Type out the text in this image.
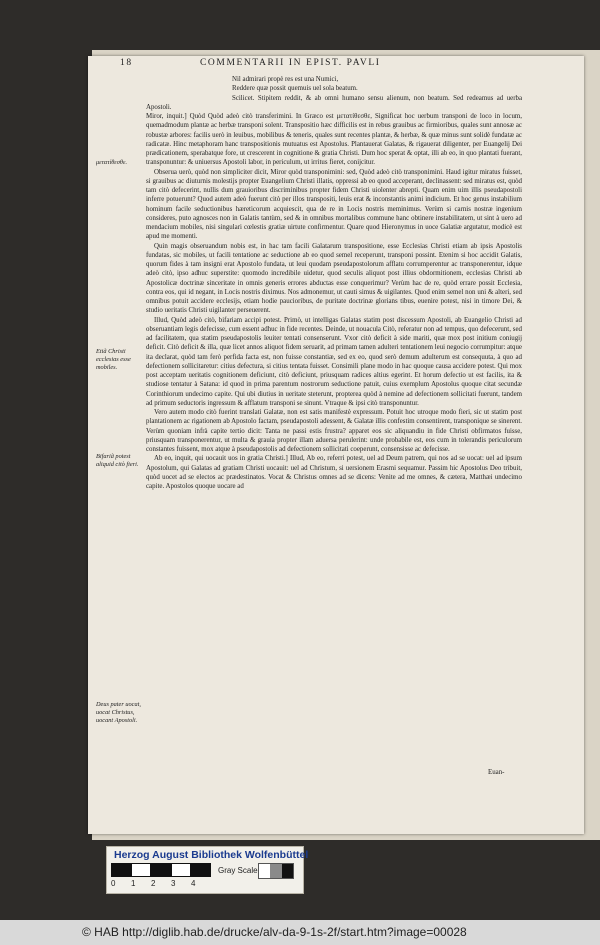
18	COMMENTARII IN EPIST. PAVLI
μετατίθεσθε.
Etiã Christi ecclesias esse mobiles.
Bifariã potest aliquid citò fieri.
Deus pater uocat, uocat Christus, uocant Apostoli.

Nil admirari propè res est una Numici,

Reddere quæ possit quemuis uel sola beatum.

Scilicet. Stipitem reddit, & ab omni humano sensu alienum, non beatum. Sed redeamus ad uerba Apostoli.

Miror, inquit.] Quòd Quòd adeò citò transferimini. In Græco est μετατίθεσθε, Significat hoc uerbum transponi de loco in locum, quemadmodum plantæ ac herbæ transponi solent. Transpositio hæc difficilis est in rebus grauibus ac firmioribus, quales sunt annosæ ac robustæ arbores: facilis uerò in leuibus, mobilibus & teneris, quales sunt recentes plantæ, & herbæ, & quæ minus sunt solidè fundatæ ac radicatæ. Hinc metaphoram hanc transpositionis mutuatus est Apostolus. Plantauerat Galatas, & rigauerat diligenter, per Euangelij Dei prædicationem, sperabatque fore, ut crescerent in cognitione & gratia Christi. Dum hoc sperat & optat, illi ab eo, in quo plantati fuerant, transponuntur: & uniuersus Apostoli labor, in periculum, ut irritus fieret, conijcitur.

Obserua uerò, quòd non simpliciter dicit, Miror quòd transponimini: sed, Quòd adeò citò transponimini. Haud igitur miratus fuisset, si grauibus ac diuturnis molestijs propter Euangelium Christi illatis, oppressi ab eo quod acceperant, declinassent: sed miratus est, quòd tam citò defecerint, nullis dum grauioribus discriminibus propter fidem Christi uiolenter abrepti. Quam enim uim illis pseudapostoli inferre potuerunt? Quod autem adeò fuerunt citò per illos transpositi, leuis erat & inconstantis animi indicium. Et hoc genus instabilium hominum facile seductionibus hæreticorum acquiescit, qua de re in Locis nostris meminimus. Verùm si carnis nostræ ingenium consideres, puto agnosces non in Galatis tantùm, sed & in omnibus mortalibus commune hanc obtinere instabilitatem, ut sint à uero ad mendacium mobiles, nisi singulari cœlestis gratiæ uirtute confirmentur. Quare quod Hieronymus in uoce Galatiæ argutatur, modicè est apud me momenti.

Quin magis obseruandum nobis est, in hac tam facili Galatarum transpositione, esse Ecclesias Christi etiam ab ipsis Apostolis fundatas, sic mobiles, ut facili tentatione ac seductione ab eo quod semel receperunt, transponi possint. Etenim si hoc accidit Galatis, quorum fides à tam insigni erat Apostolo fundata, ut leui quodam pseudapostolorum afflatu corrumperentur ac transponerentur, idque adeò citò, ipso adhuc superstite: quomodo incredibile uidetur, quod seculis aliquot post illius obdormitionem, ecclesias Christi ab Apostolicæ doctrinæ sinceritate in omnis generis errores abductas esse conquerimur? Verùm hac de re, quòd errare possit Ecclesia, contra eos, qui id negant, in Locis nostris diximus. Nos admonemur, ut cauti simus & uigilantes. Quod enim semel non uni & alteri, sed omnibus potuit accidere ecclesijs, etiam hodie paucioribus, de puritate doctrinæ glorians tibus, euenire potest, nisi in timore Dei, & studio ueritatis Christi uigilanter perseuerent.

Illud, Quòd adeò citò, bifariam accipi potest. Primò, ut intelligas Galatas statim post discessum Apostoli, ab Euangelio Christi ad obseruantiam legis defecisse, cum essent adhuc in fide recentes. Deinde, ut nouacula Citò, referatur non ad tempus, quo defecerunt, sed ad facilitatem, qua statim pseudapostolis leuiter tentati consenserunt. Vxor citò deficit à side mariti, quæ mox post initium coniugij deficit. Citò deficit & illa, quæ licet annos aliquot fidem seruarit, ad primam tamen adulteri tentationem leui negocio corrumpitur: atque ita declarat, quòd tam ferò perfida facta est, non fuisse constantiæ, sed ex eo, quod serò demum adulterum est consequuta, à quo ad defectionem sollicitaretur: citius defectura, si citius tentata fuisset. Consimili plane modo in hac quoque causa accidere potest. Qui mox post acceptam ueritatis cognitionem deficiunt, citò deficiunt, priusquam radices altius egerint. Et horum defectio ut est facilis, ita & studiose tentatur à Satana: id quod in prima parentum nostrorum seductione patuit, cuius exemplum Apostolus quoque citat secundæ Corinthiorum undecimo capite. Qui ubi diutius in ueritate steterunt, propterea quòd à nemine ad defectionem sollicitati fuerunt, tandem ad primum seductoris ingressum & afflatum transponi se sinunt. Vtraque & ipsi citò transponuntur.

Vero autem modo citò fuerint translati Galatæ, non est satis manifestè expressum. Potuit hoc utroque modo fieri, sic ut statim post plantationem ac rigationem ab Apostolo factam, pseudapostoli adessent, & Galatæ illis confestim consentirent, transponique se sinerent. Verùm quoniam infrà capite tertio dicit: Tanta ne passi estis frustra? apparet eos sic aliquandiu in fide Christi obfirmatos fuisse, priusquam transponerentur, ut multa & grauia propter illam aduersa perulerint: unde probabile est, eos cum in tolerandis periculorum constantes fuissent, mox atque à pseudapostolis ad defectionem sollicitati coeperunt, consensisse ac defecisse.

Ab eo, inquit, qui uocauit uos in gratia Christi.] Illud, Ab eo, referri potest, uel ad Deum patrem, qui nos ad se uocat: uel ad ipsum Apostolum, qui Galatas ad gratiam Christi uocauit: uel ad Christum, si uersionem Erasmi sequamur. Passim hic Apostolus Deo tribuit, quòd uocet ad se electos ac prædestinatos. Vocat & Christus omnes ad se dicens: Venite ad me omnes, & cætera, Matthæi undecimo capite. Apostolos quoque uocare ad

Euan-
Herzog August Bibliothek Wolfenbüttel
0 1 2 3 4
Gray Scale
© HAB http://diglib.hab.de/drucke/alv-da-9-1s-2f/start.htm?image=00028
